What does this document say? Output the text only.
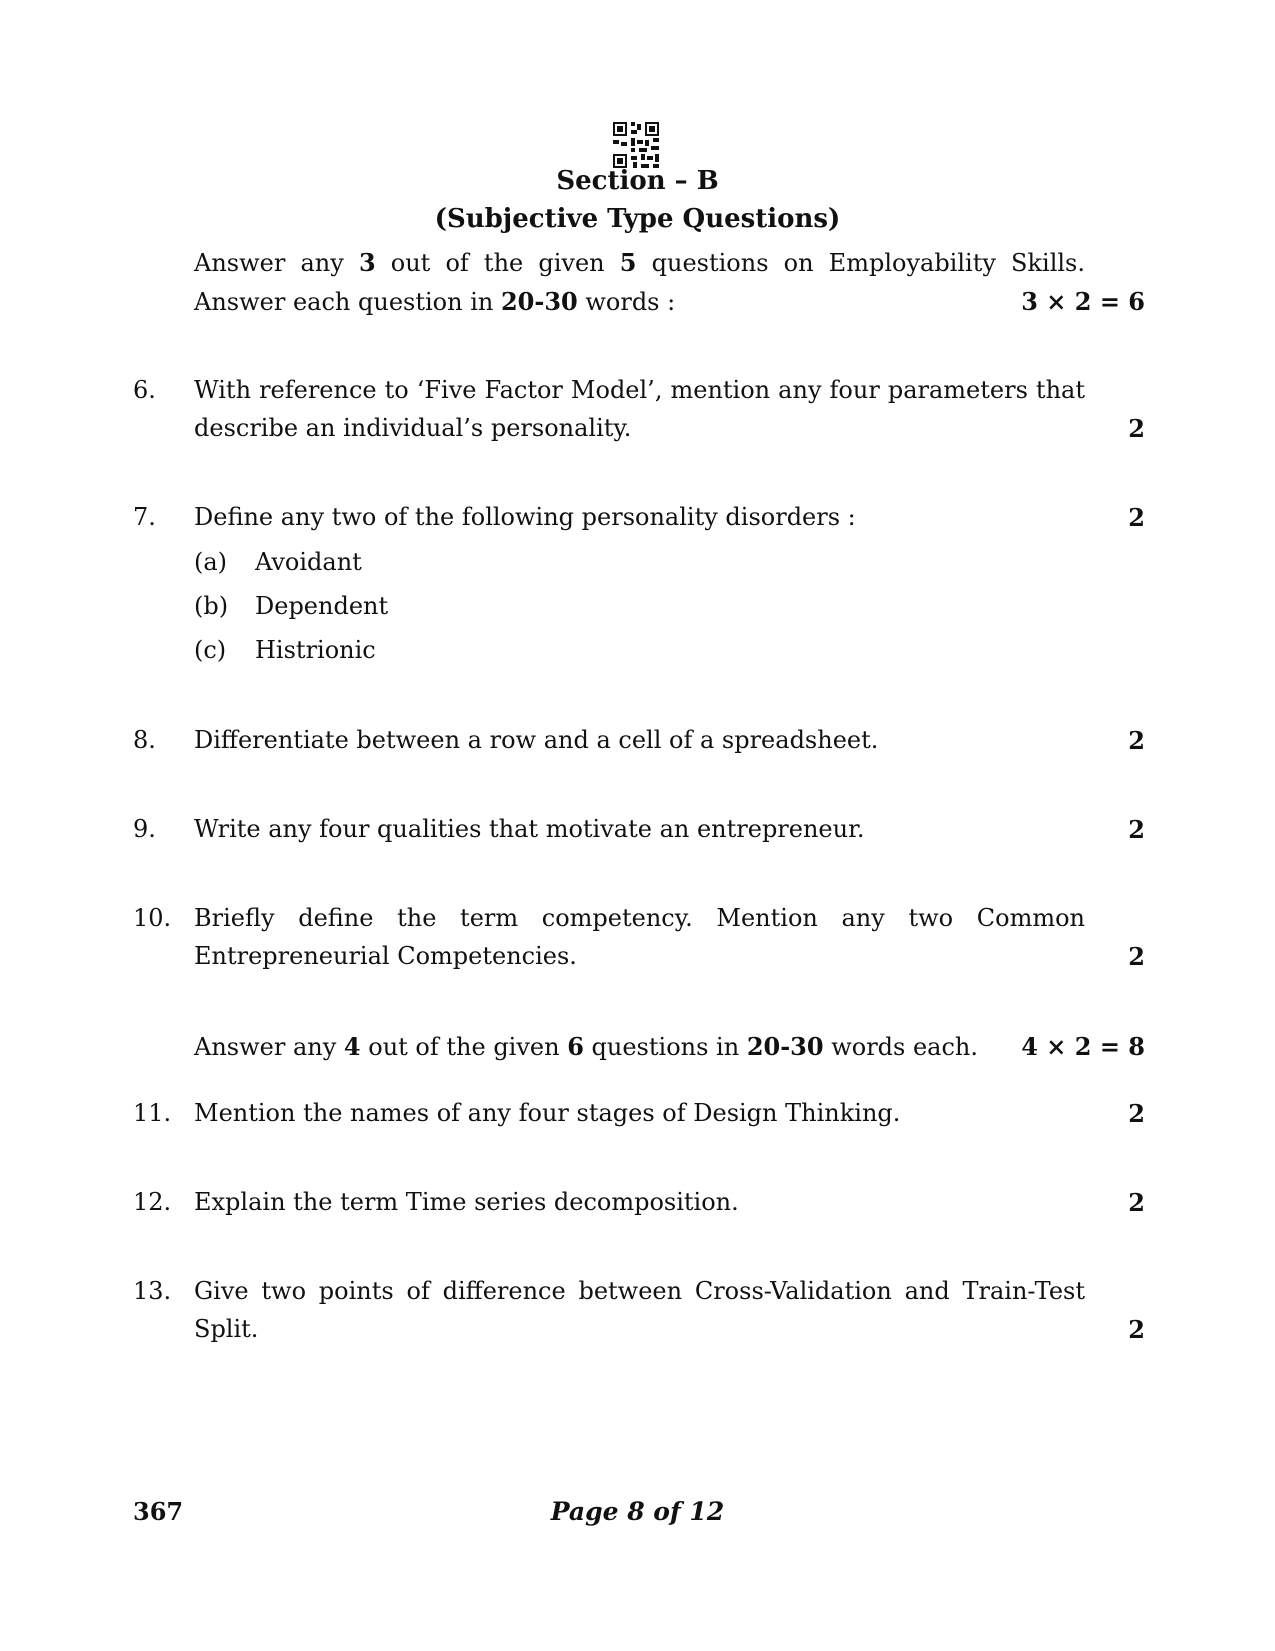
Section – B
(Subjective Type Questions)
Answer any 3 out of the given 5 questions on Employability Skills.
Answer each question in 20-30 words :	3 × 2 = 6
6. With reference to ‘Five Factor Model’, mention any four parameters that
describe an individual’s personality.	2
7. Define any two of the following personality disorders :	2
(a) Avoidant
(b) Dependent
(c) Histrionic
8. Differentiate between a row and a cell of a spreadsheet.	2
9. Write any four qualities that motivate an entrepreneur.	2
10. Briefly define the term competency. Mention any two Common
Entrepreneurial Competencies.	2
Answer any 4 out of the given 6 questions in 20-30 words each. 4 × 2 = 8
11. Mention the names of any four stages of Design Thinking.	2
12. Explain the term Time series decomposition.	2
13. Give two points of difference between Cross-Validation and Train-Test
Split.	2
367	Page 8 of 12
